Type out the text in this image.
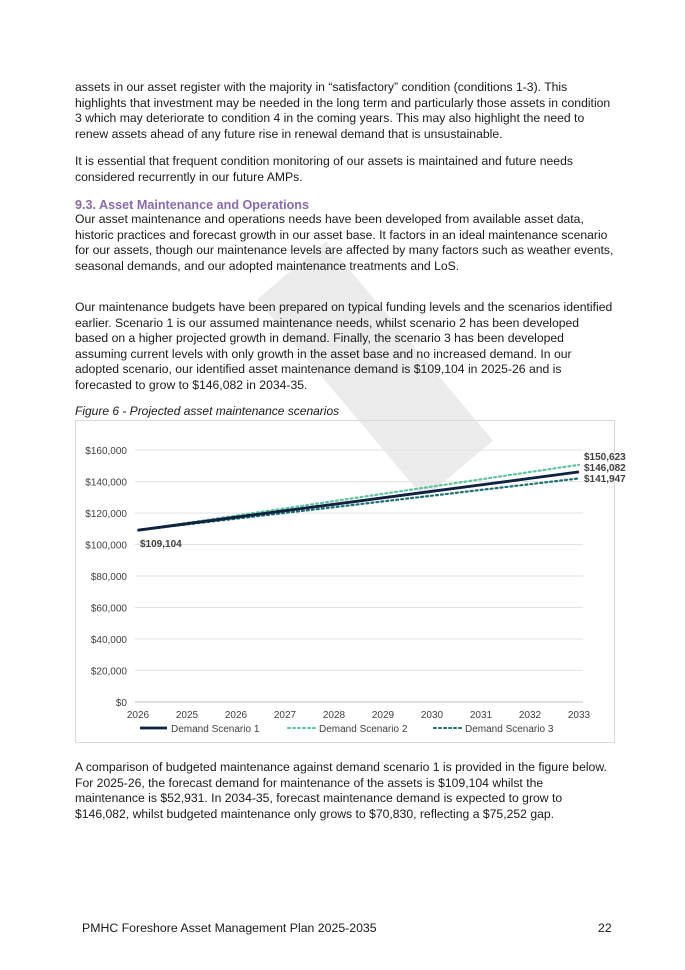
assets in our asset register with the majority in “satisfactory” condition (conditions 1-3). This highlights that investment may be needed in the long term and particularly those assets in condition 3 which may deteriorate to condition 4 in the coming years. This may also highlight the need to renew assets ahead of any future rise in renewal demand that is unsustainable.

It is essential that frequent condition monitoring of our assets is maintained and future needs considered recurrently in our future AMPs.

9.3. Asset Maintenance and Operations

Our asset maintenance and operations needs have been developed from available asset data, historic practices and forecast growth in our asset base. It factors in an ideal maintenance scenario for our assets, though our maintenance levels are affected by many factors such as weather events, seasonal demands, and our adopted maintenance treatments and LoS.

Our maintenance budgets have been prepared on typical funding levels and the scenarios identified earlier. Scenario 1 is our assumed maintenance needs, whilst scenario 2 has been developed based on a higher projected growth in demand. Finally, the scenario 3 has been developed assuming current levels with only growth in the asset base and no increased demand. In our adopted scenario, our identified asset maintenance demand is $109,104 in 2025-26 and is forecasted to grow to $146,082 in 2034-35.

Figure 6 - Projected asset maintenance scenarios

$0
$20,000
$40,000
$60,000
$80,000
$100,000
$120,000
$140,000
$160,000
2026	2025	2026	2027	2028	2029	2030	2031	2032	2033
$109,104
$150,623
$146,082
$141,947
Demand Scenario 1	Demand Scenario 2	Demand Scenario 3

A comparison of budgeted maintenance against demand scenario 1 is provided in the figure below. For 2025-26, the forecast demand for maintenance of the assets is $109,104 whilst the maintenance is $52,931. In 2034-35, forecast maintenance demand is expected to grow to $146,082, whilst budgeted maintenance only grows to $70,830, reflecting a $75,252 gap.

PMHC Foreshore Asset Management Plan 2025-2035	22
